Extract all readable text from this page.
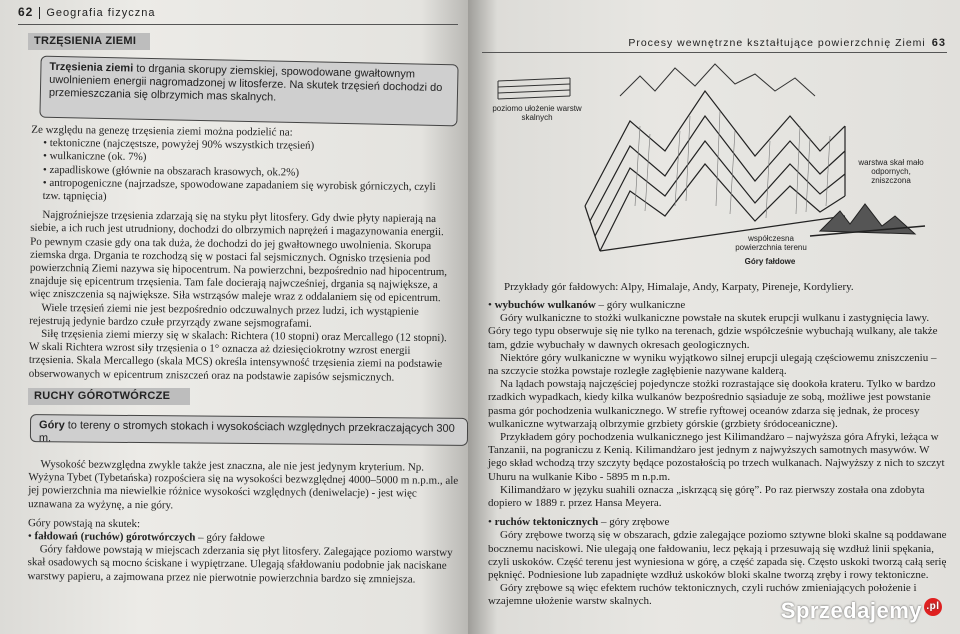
62 Geografia fizyczna
TRZĘSIENIA ZIEMI
Trzęsienia ziemi to drgania skorupy ziemskiej, spowodowane gwałtownym uwolnieniem energii nagromadzonej w litosferze. Na skutek trzęsień dochodzi do przemieszczania się olbrzymich mas skalnych.

Ze względu na genezę trzęsienia ziemi można podzielić na:

• tektoniczne (najczęstsze, powyżej 90% wszystkich trzęsień)
• wulkaniczne (ok. 7%)
• zapadliskowe (głównie na obszarach krasowych, ok.2%)
• antropogeniczne (najrzadsze, spowodowane zapadaniem się wyrobisk górniczych, czyli tzw. tąpnięcia)

Najgroźniejsze trzęsienia zdarzają się na styku płyt litosfery. Gdy dwie płyty napierają na siebie, a ich ruch jest utrudniony, dochodzi do olbrzymich naprężeń i magazynowania energii. Po pewnym czasie gdy ona tak duża, że dochodzi do jej gwałtownego uwolnienia. Skorupa ziemska drga. Drgania te rozchodzą się w postaci fal sejsmicznych. Ognisko trzęsienia pod powierzchnią Ziemi nazywa się hipocentrum. Na powierzchni, bezpośrednio nad hipocentrum, znajduje się epicentrum trzęsienia. Tam fale docierają najwcześniej, drgania są największe, a więc zniszczenia są największe. Siła wstrząsów maleje wraz z oddalaniem się od epicentrum.

Wiele trzęsień ziemi nie jest bezpośrednio odczuwalnych przez ludzi, ich wystąpienie rejestrują jedynie bardzo czułe przyrządy zwane sejsmografami.

Siłę trzęsienia ziemi mierzy się w skalach: Richtera (10 stopni) oraz Mercallego (12 stopni). W skali Richtera wzrost siły trzęsienia o 1° oznacza aż dziesięciokrotny wzrost energii trzęsienia. Skala Mercallego (skala MCS) określa intensywność trzęsienia ziemi na podstawie obserwowanych w epicentrum zniszczeń oraz na podstawie zapisów sejsmicznych.

RUCHY GÓROTWÓRCZE
Góry to tereny o stromych stokach i wysokościach względnych przekraczających 300 m.

Wysokość bezwzględna zwykle także jest znaczna, ale nie jest jedynym kryterium. Np. Wyżyna Tybet (Tybetańska) rozpościera się na wysokości bezwzględnej 4000–5000 m n.p.m., ale jej powierzchnia ma niewielkie różnice wysokości względnych (deniwelacje) - jest więc uznawana za wyżynę, a nie góry.

Góry powstają na skutek:

• fałdowań (ruchów) górotwórczych – góry fałdowe

Góry fałdowe powstają w miejscach zderzania się płyt litosfery. Zalegające poziomo warstwy skał osadowych są mocno ściskane i wypiętrzane. Ulegają sfałdowaniu podobnie jak naciskane warstwy papieru, a zajmowana przez nie pierwotnie powierzchnia bardzo się zmniejsza.

Procesy wewnętrzne kształtujące powierzchnię Ziemi 63
poziomo ułożenie warstw skalnych
warstwa skał mało odpornych, zniszczona
współczesna powierzchnia terenu
Góry fałdowe

Przykłady gór fałdowych: Alpy, Himalaje, Andy, Karpaty, Pireneje, Kordyliery.

• wybuchów wulkanów – góry wulkaniczne

Góry wulkaniczne to stożki wulkaniczne powstałe na skutek erupcji wulkanu i zastygnięcia lawy. Góry tego typu obserwuje się nie tylko na terenach, gdzie współcześnie wybuchają wulkany, ale także tam, gdzie wybuchały w dawnych okresach geologicznych.

Niektóre góry wulkaniczne w wyniku wyjątkowo silnej erupcji ulegają częściowemu zniszczeniu – na szczycie stożka powstaje rozległe zagłębienie nazywane kalderą.

Na lądach powstają najczęściej pojedyncze stożki rozrastające się dookoła krateru. Tylko w bardzo rzadkich wypadkach, kiedy kilka wulkanów bezpośrednio sąsiaduje ze sobą, możliwe jest powstanie pasma gór pochodzenia wulkanicznego. W strefie ryftowej oceanów zdarza się jednak, że procesy wulkaniczne wytwarzają olbrzymie grzbiety górskie (grzbiety śródoceaniczne).

Przykładem góry pochodzenia wulkanicznego jest Kilimandżaro – najwyższa góra Afryki, leżąca w Tanzanii, na pograniczu z Kenią. Kilimandżaro jest jednym z najwyższych samotnych masywów. W jego skład wchodzą trzy szczyty będące pozostałością po trzech wulkanach. Najwyższy z nich to szczyt Uhuru na wulkanie Kibo - 5895 m n.p.m.

Kilimandżaro w języku suahili oznacza „iskrzącą się górę”. Po raz pierwszy została ona zdobyta dopiero w 1889 r. przez Hansa Meyera.

• ruchów tektonicznych – góry zrębowe

Góry zrębowe tworzą się w obszarach, gdzie zalegające poziomo sztywne bloki skalne są poddawane bocznemu naciskowi. Nie ulegają one fałdowaniu, lecz pękają i przesuwają się wzdłuż linii spękania, czyli uskoków. Część terenu jest wyniesiona w górę, a część zapada się. Często uskoki tworzą całą serię pęknięć. Podniesione lub zapadnięte wzdłuż uskoków bloki skalne tworzą zręby i rowy tektoniczne.

Góry zrębowe są więc efektem ruchów tektonicznych, czyli ruchów zmieniających położenie i wzajemne ułożenie warstw skalnych.	Sprzedajemy .pl
